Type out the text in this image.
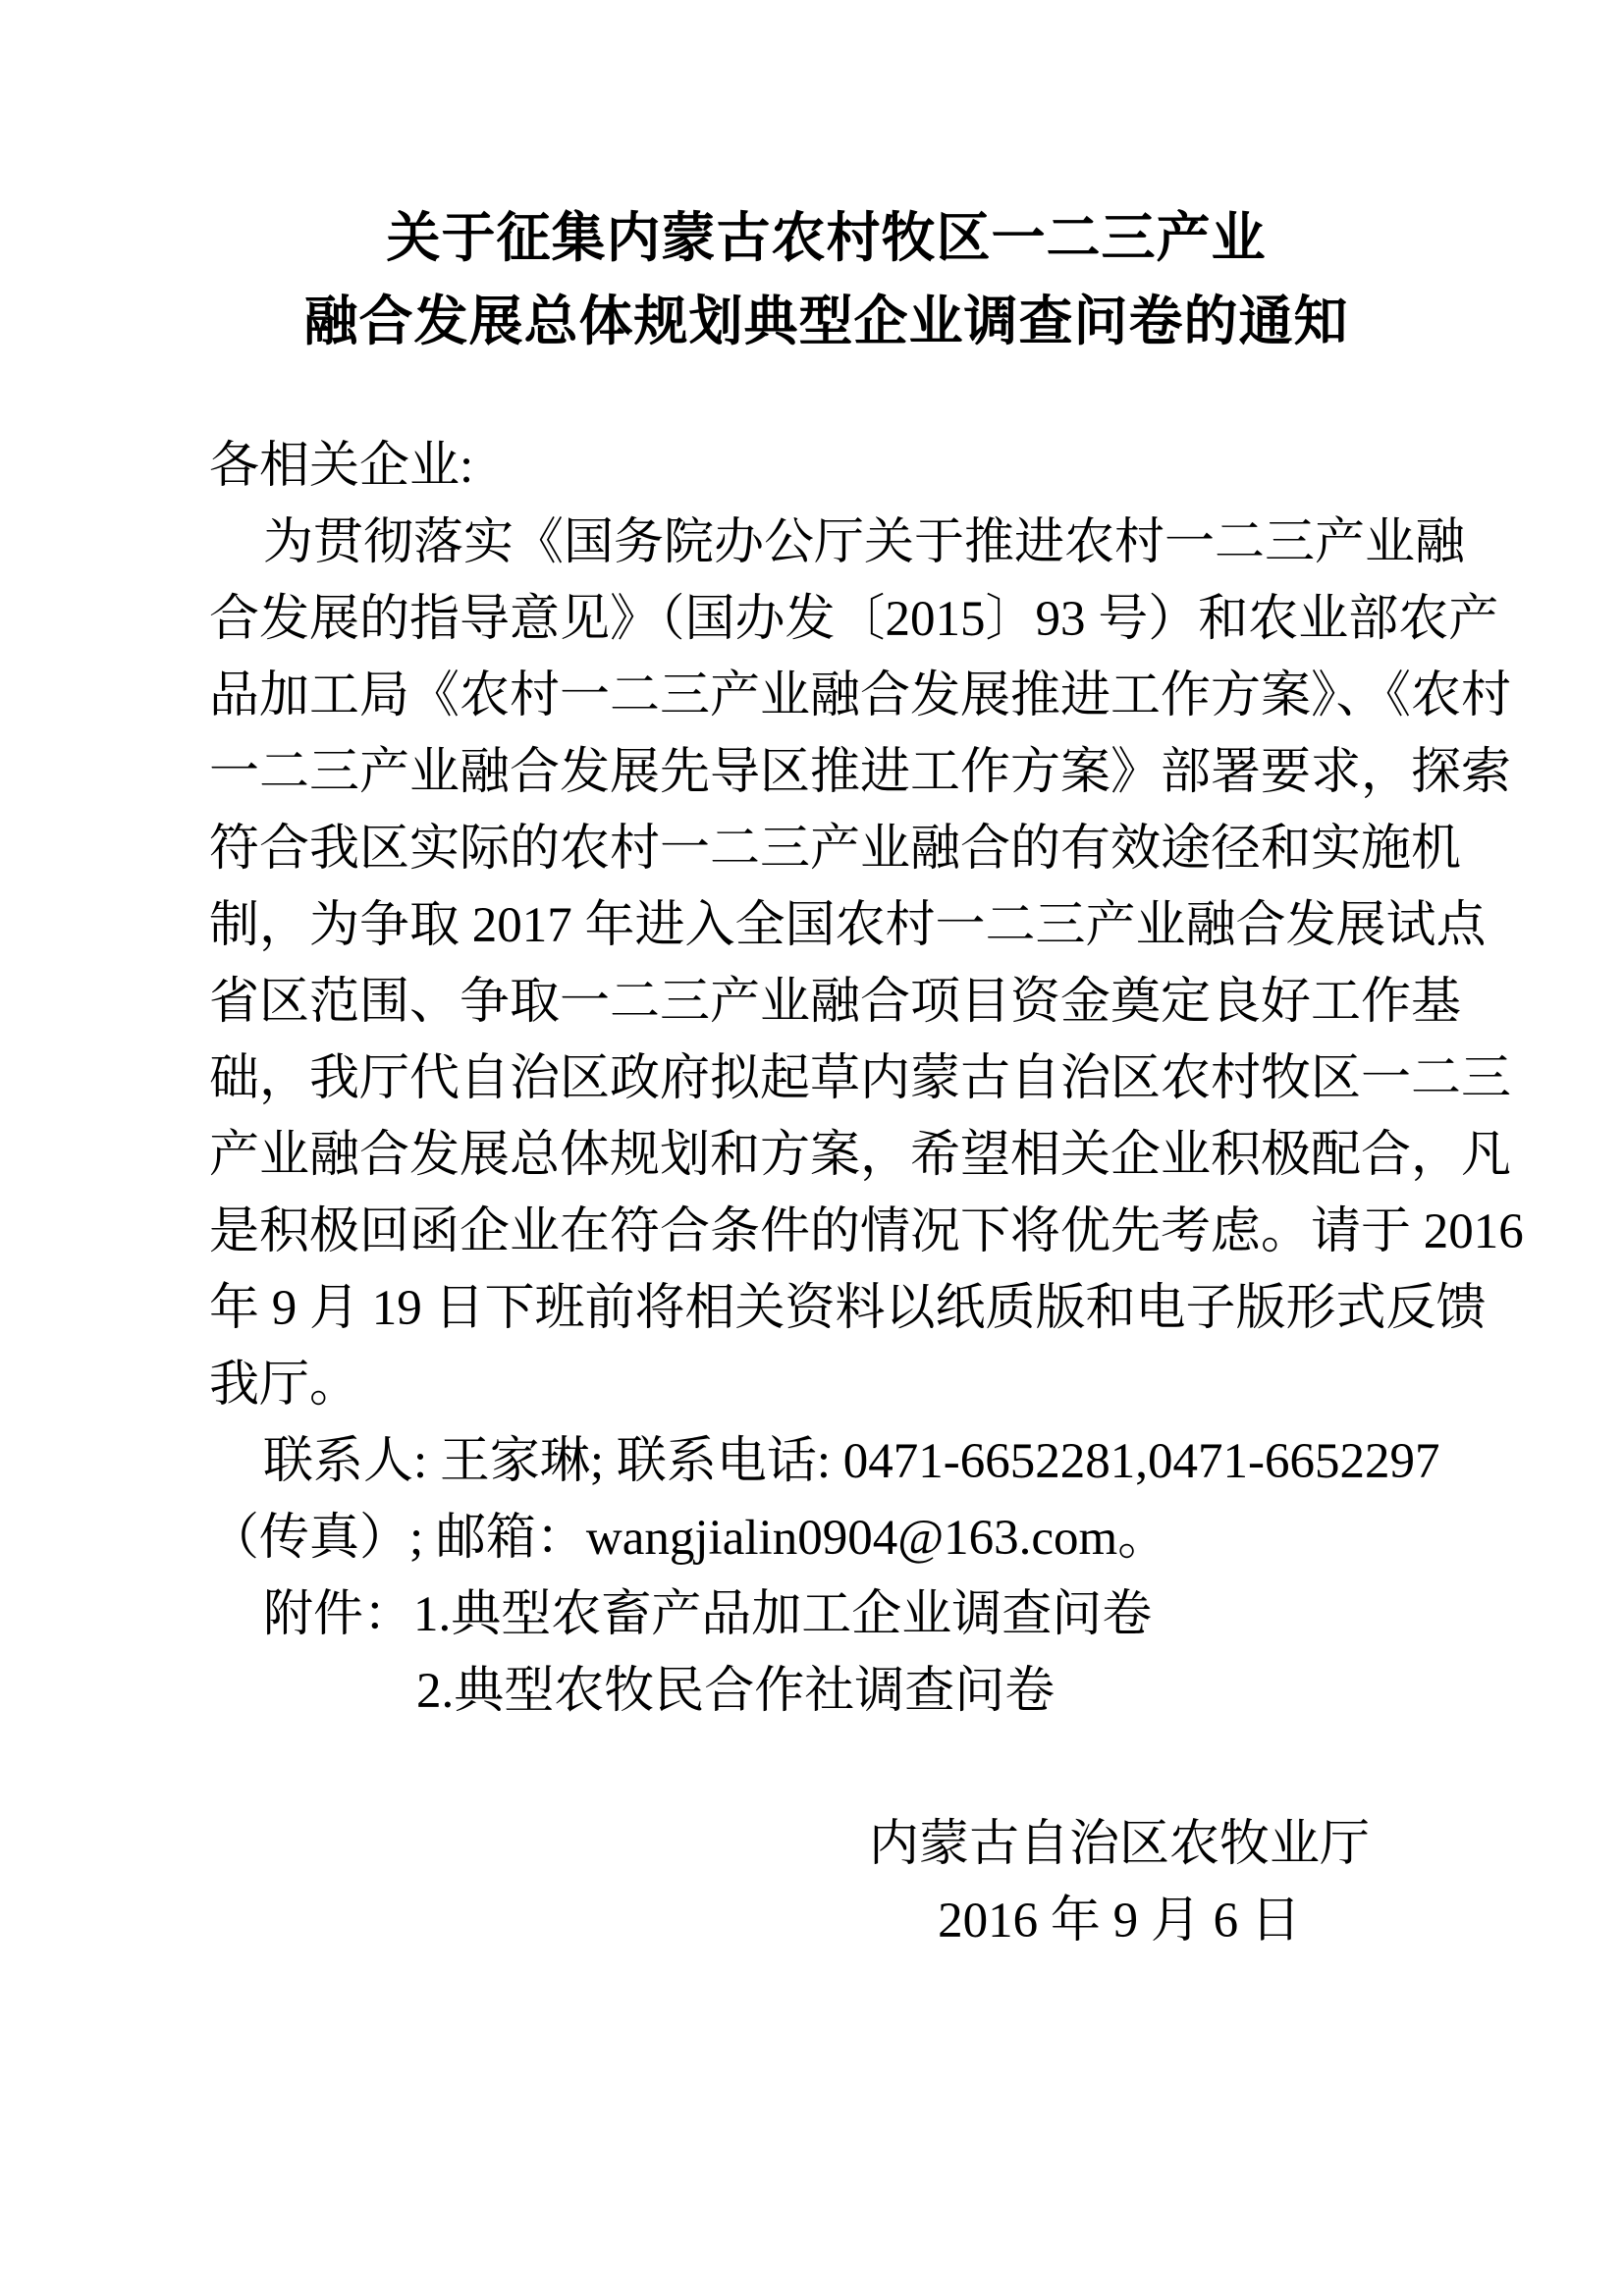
关于征集内蒙古农村牧区一二三产业
融合发展总体规划典型企业调查问卷的通知
各相关企业:
为贯彻落实《国务院办公厅关于推进农村一二三产业融
合发展的指导意见》（国办发〔2015〕93 号）和农业部农产
品加工局《农村一二三产业融合发展推进工作方案》、《农村
一二三产业融合发展先导区推进工作方案》部署要求，探索
符合我区实际的农村一二三产业融合的有效途径和实施机
制，为争取 2017 年进入全国农村一二三产业融合发展试点
省区范围、争取一二三产业融合项目资金奠定良好工作基
础，我厅代自治区政府拟起草内蒙古自治区农村牧区一二三
产业融合发展总体规划和方案，希望相关企业积极配合，凡
是积极回函企业在符合条件的情况下将优先考虑。请于 2016
年 9 月 19 日下班前将相关资料以纸质版和电子版形式反馈
我厅。
联系人: 王家琳; 联系电话: 0471-6652281,0471-6652297
（传真）; 邮箱：wangjialin0904@163.com。
附件：1.典型农畜产品加工企业调查问卷
2.典型农牧民合作社调查问卷
内蒙古自治区农牧业厅
2016 年 9 月 6 日
